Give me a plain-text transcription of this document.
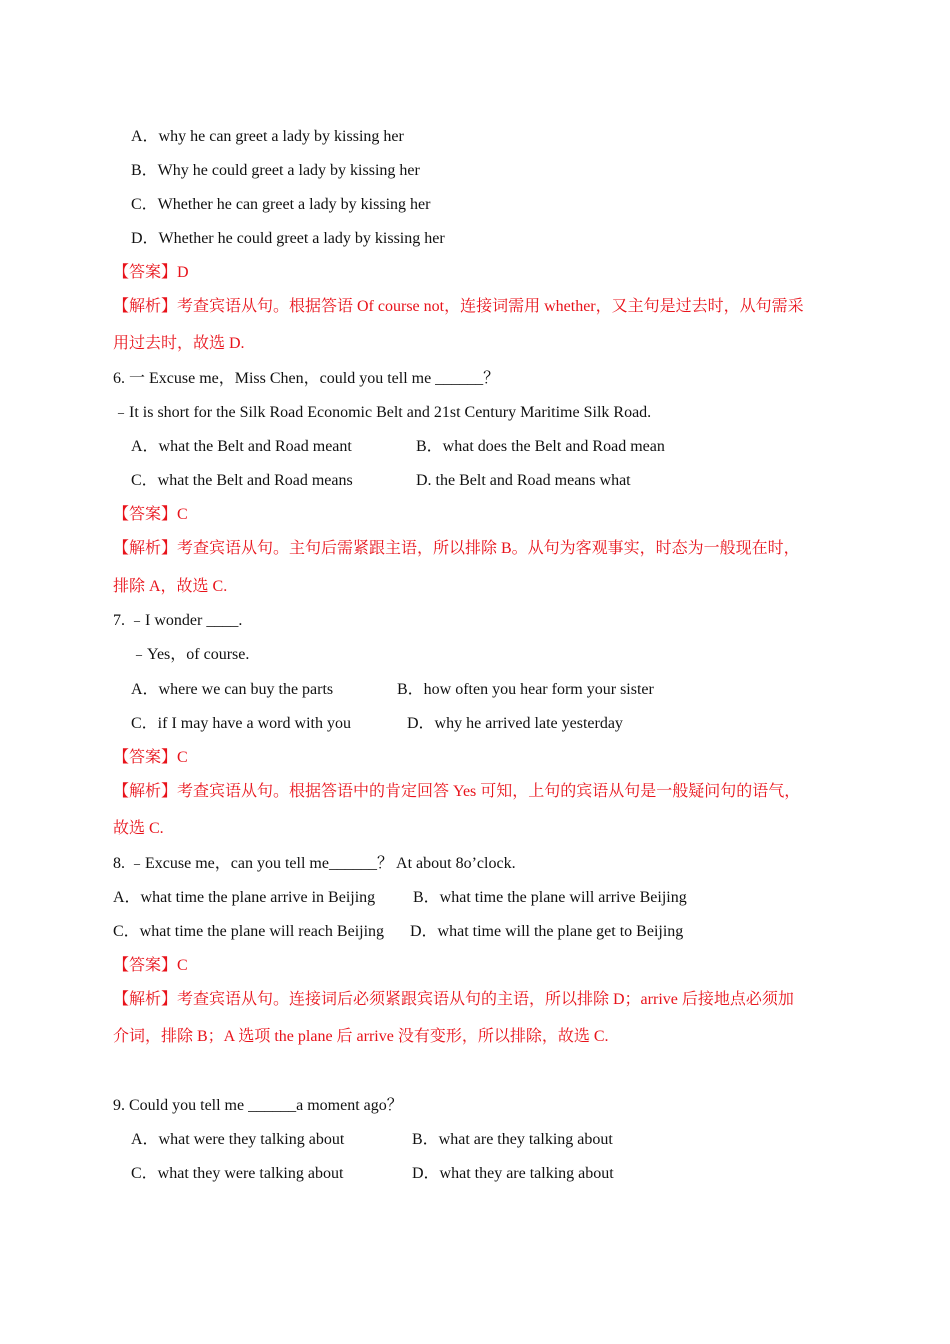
A．why he can greet a lady by kissing her
B．Why he could greet a lady by kissing her
C．Whether he can greet a lady by kissing her
D．Whether he could greet a lady by kissing her
【答案】D
【解析】考查宾语从句。根据答语 Of course not，连接词需用 whether，又主句是过去时，从句需采
用过去时，故选 D.
6. 一 Excuse me，Miss Chen，could you tell me ______？
﹣It is short for the Silk Road Economic Belt and 21st Century Maritime Silk Road.
A．what the Belt and Road meant	B．what does the Belt and Road mean
C．what the Belt and Road means	D. the Belt and Road means what
【答案】C
【解析】考查宾语从句。主句后需紧跟主语，所以排除 B。从句为客观事实，时态为一般现在时，
排除 A，故选 C.
7. ﹣I wonder ____.
﹣Yes，of course.
A．where we can buy the parts	B．how often you hear form your sister
C．if I may have a word with you	D．why he arrived late yesterday
【答案】C
【解析】考查宾语从句。根据答语中的肯定回答 Yes 可知，上句的宾语从句是一般疑问句的语气，
故选 C.
8. ﹣Excuse me，can you tell me______？ At about 8o’clock.
A．what time the plane arrive in Beijing B．what time the plane will arrive Beijing
C．what time the plane will reach Beijing D．what time will the plane get to Beijing
【答案】C
【解析】考查宾语从句。连接词后必须紧跟宾语从句的主语，所以排除 D；arrive 后接地点必须加
介词，排除 B；A 选项 the plane 后 arrive 没有变形，所以排除，故选 C.
9. Could you tell me ______a moment ago？
A．what were they talking about	B．what are they talking about
C．what they were talking about	D．what they are talking about
